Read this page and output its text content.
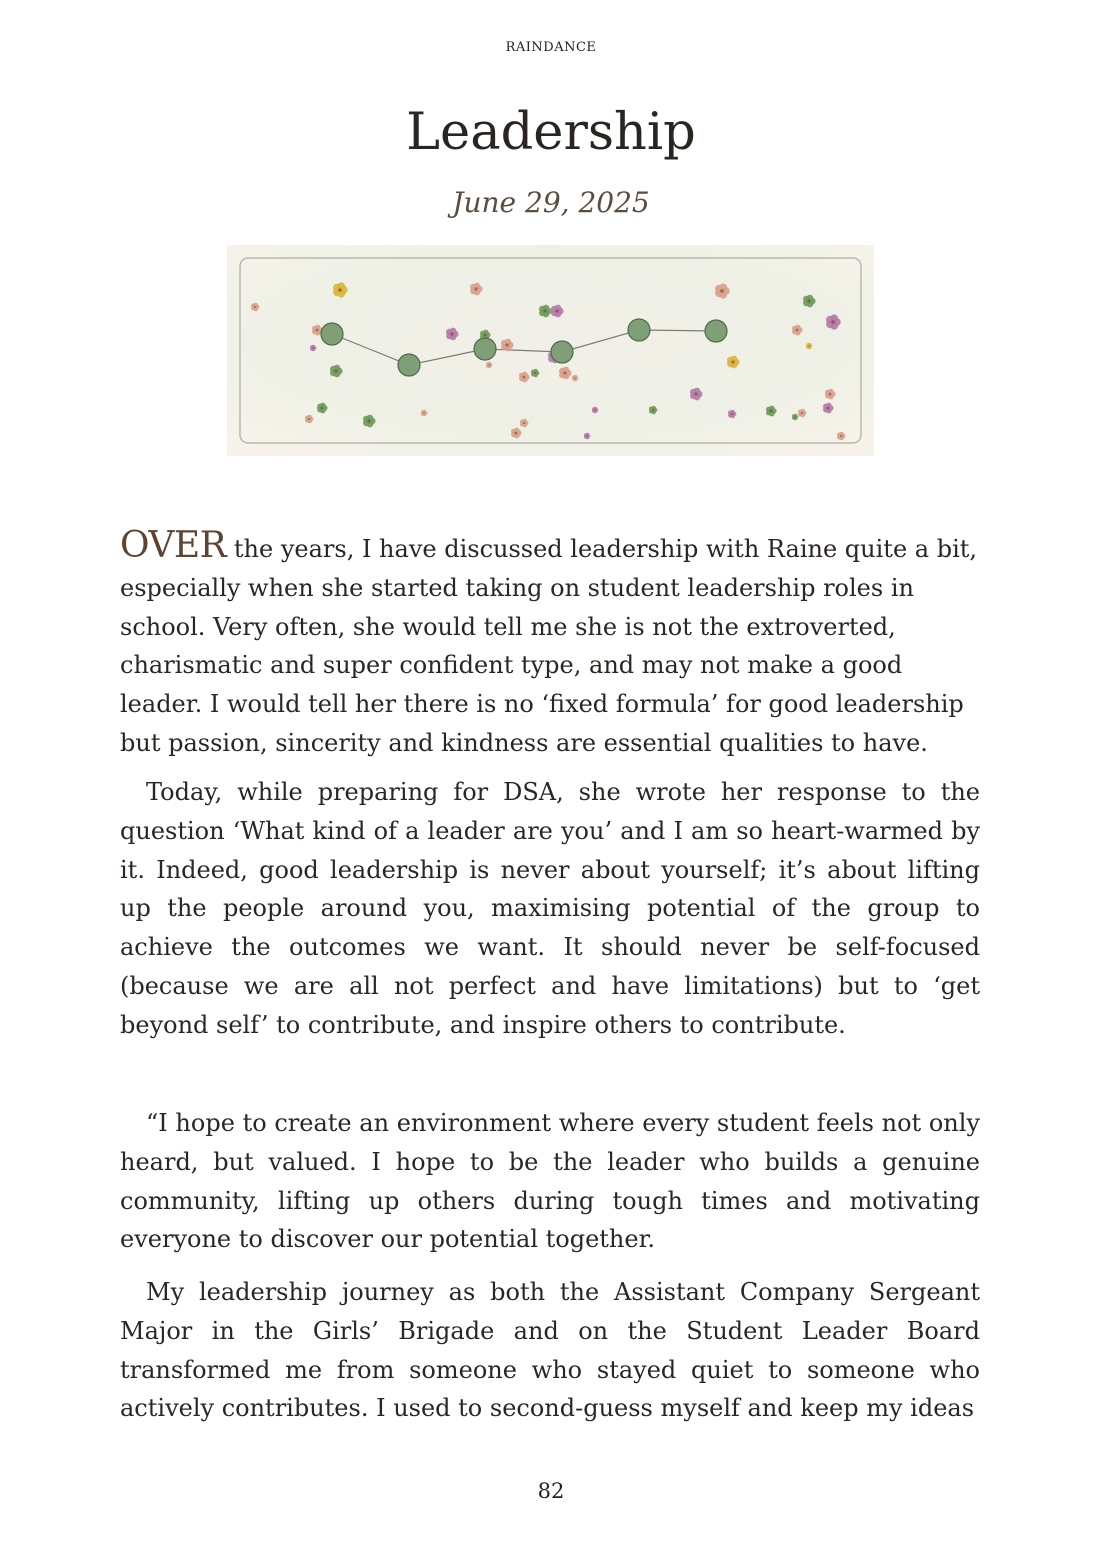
RAINDANCE
Leadership
June 29, 2025

OVER the years, I have discussed leadership with Raine quite a bit, especially when she started taking on student leadership roles in school. Very often, she would tell me she is not the extroverted, charismatic and super confident type, and may not make a good leader. I would tell her there is no ‘fixed formula’ for good leadership but passion, sincerity and kindness are essential qualities to have.

Today, while preparing for DSA, she wrote her response to the question ‘What kind of a leader are you’ and I am so heart-warmed by it. Indeed, good leadership is never about yourself; it’s about lifting up the people around you, maximising potential of the group to achieve the outcomes we want. It should never be self-focused (because we are all not perfect and have limitations) but to ‘get beyond self’ to contribute, and inspire others to contribute.

“I hope to create an environment where every student feels not only heard, but valued. I hope to be the leader who builds a genuine community, lifting up others during tough times and motivating everyone to discover our potential together.

My leadership journey as both the Assistant Company Sergeant Major in the Girls’ Brigade and on the Student Leader Board transformed me from someone who stayed quiet to someone who actively contributes. I used to second-guess myself and keep my ideas

82
